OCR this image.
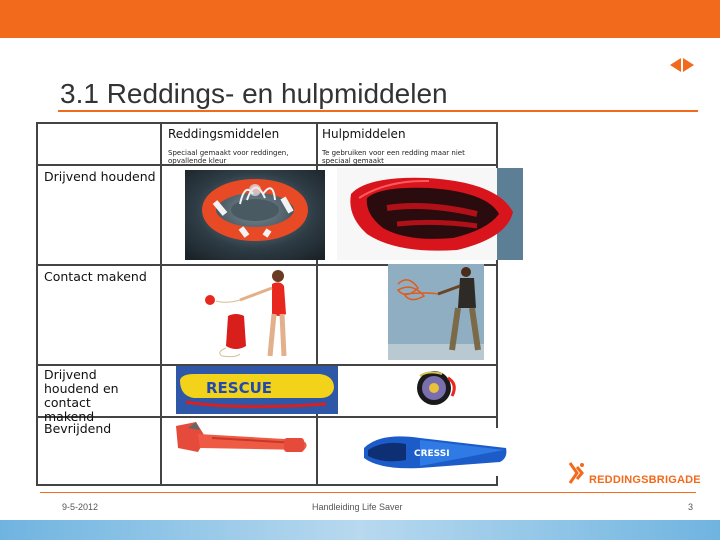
3.1 Reddings- en hulpmiddelen
Reddingsmiddelen
Speciaal gemaakt voor reddingen, opvallende kleur
Hulpmiddelen
Te gebruiken voor een redding maar niet speciaal gemaakt
Drijvend houdend
Contact makend
Drijvend houdend en contact makend
Bevrijdend
RESCUE
CRESSI
REDDINGSBRIGADE
9-5-2012	Handleiding Life Saver	3
